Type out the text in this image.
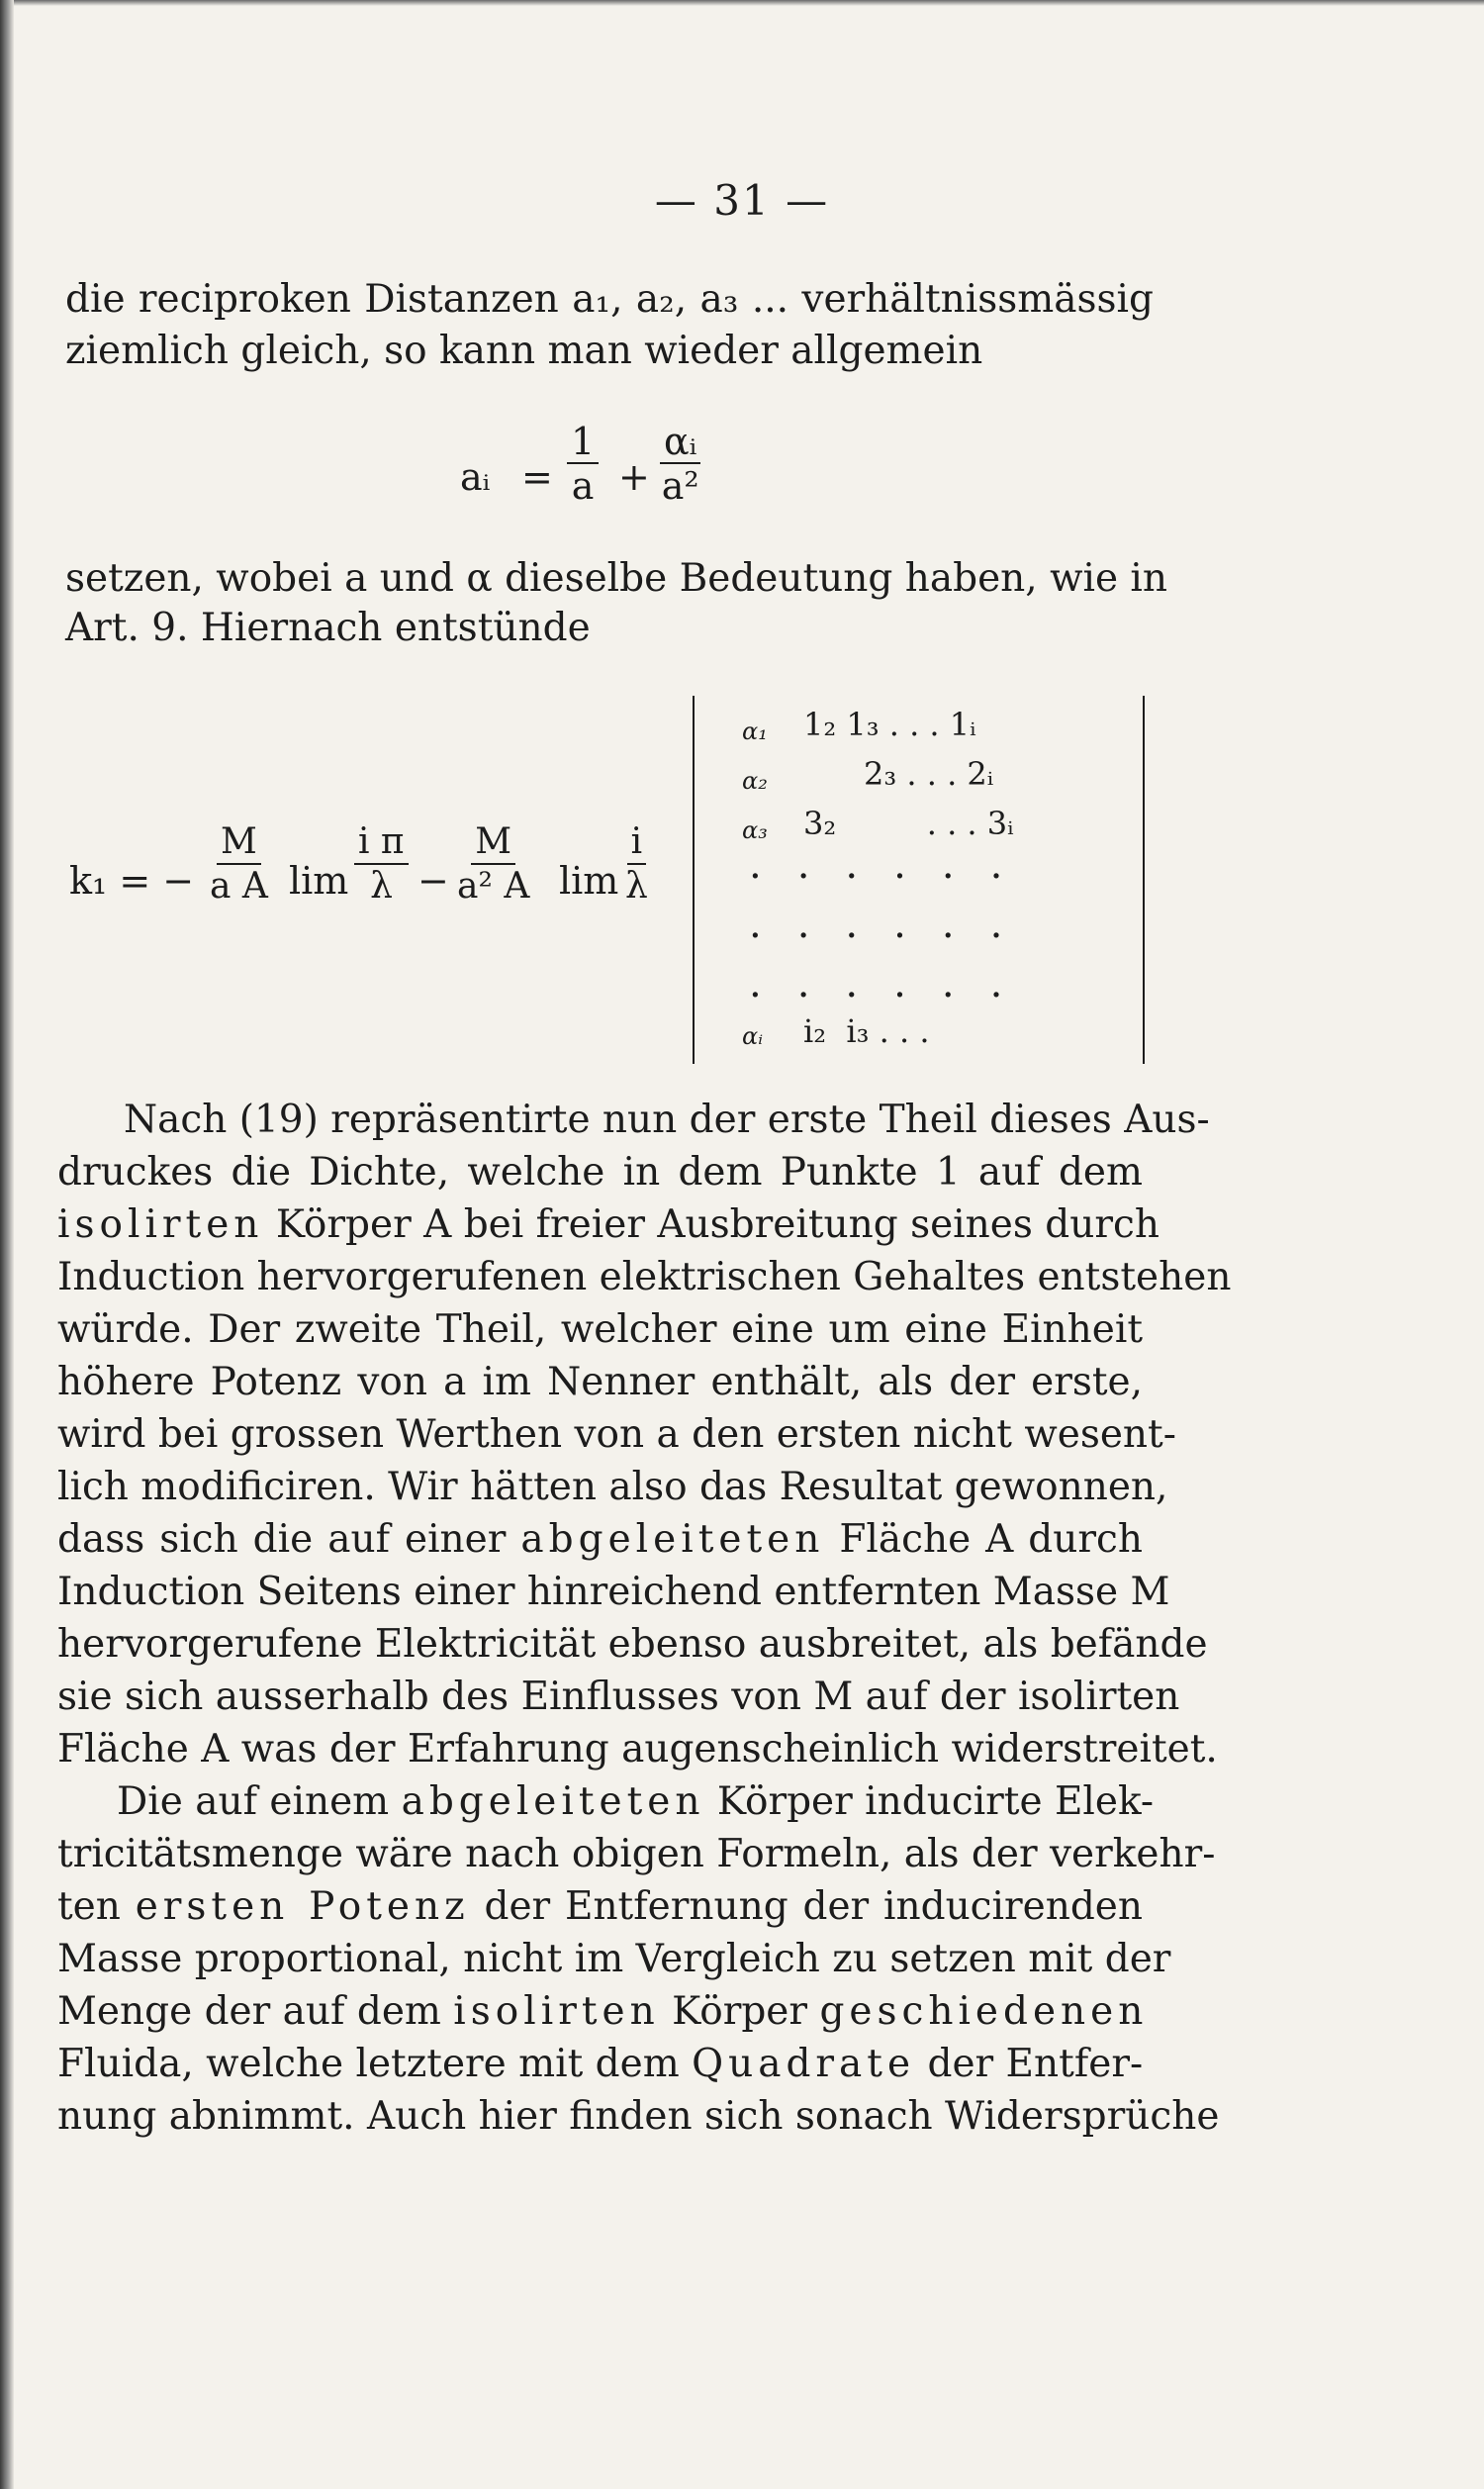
— 31 —
die reciproken Distanzen a₁, a₂, a₃ ... verhältnissmässig
ziemlich gleich, so kann man wieder allgemein
aᵢ = $\frac{1}{a} + \frac{\text{αᵢ}}{\text{a²}}$
setzen, wobei a und α dieselbe Bedeutung haben, wie in
Art. 9. Hiernach entstünde
k₁ = − $\frac{M}{\text{a A}}$ lim
i п
$\lambda - \frac{M}{\text{a² A}}$ $\lim \frac{i}{\lambda}$
α₁ 1₂ 1₃ . . . 1ᵢ
α₂ 2₃ . . . 2ᵢ
α₃ 3₂         . . . 3ᵢ
......
......
......
αᵢ i₂  i₃ . . .
Nach (19) repräsentirte nun der erste Theil dieses Aus-
druckes die Dichte, welche in dem Punkte 1 auf dem
isolirten Körper A bei freier Ausbreitung seines durch
Induction hervorgerufenen elektrischen Gehaltes entstehen
würde. Der zweite Theil, welcher eine um eine Einheit
höhere Potenz von a im Nenner enthält, als der erste,
wird bei grossen Werthen von a den ersten nicht wesent-
lich modificiren. Wir hätten also das Resultat gewonnen,
dass sich die auf einer abgeleiteten Fläche A durch
Induction Seitens einer hinreichend entfernten Masse M
hervorgerufene Elektricität ebenso ausbreitet, als befände
sie sich ausserhalb des Einflusses von M auf der isolirten
Fläche A was der Erfahrung augenscheinlich widerstreitet.
Die auf einem abgeleiteten Körper inducirte Elek-
tricitätsmenge wäre nach obigen Formeln, als der verkehr-
ten ersten Potenz der Entfernung der inducirenden
Masse proportional, nicht im Vergleich zu setzen mit der
Menge der auf dem isolirten Körper geschiedenen
Fluida, welche letztere mit dem Quadrate der Entfer-
nung abnimmt. Auch hier finden sich sonach Widersprüche
